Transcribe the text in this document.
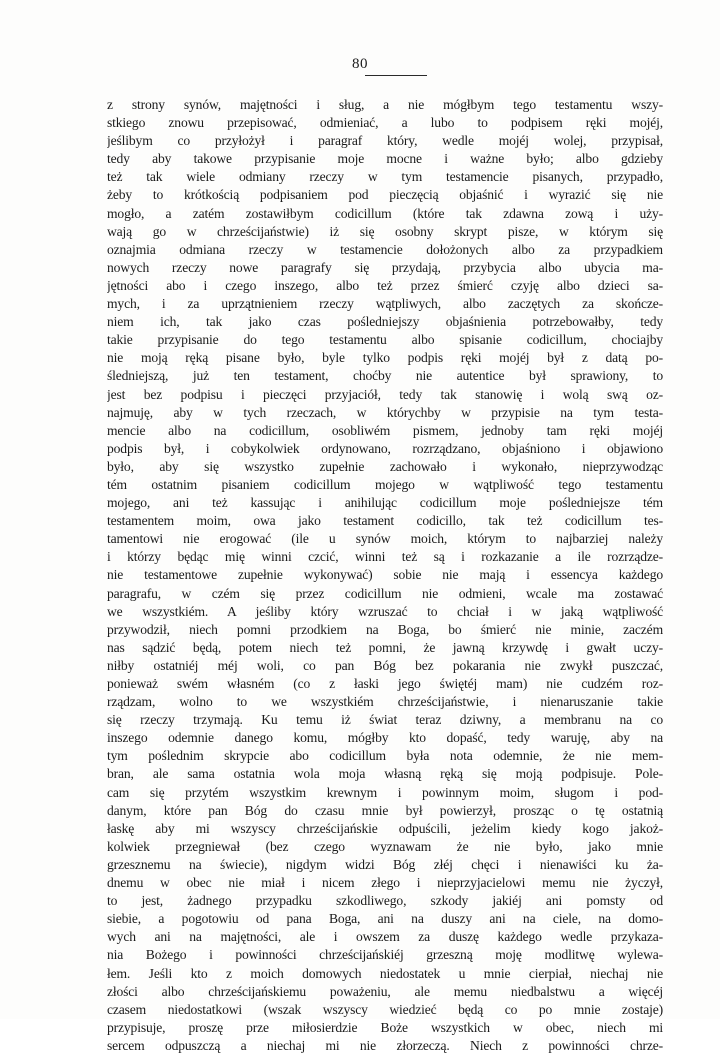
80
z strony synów, majętności i sług, a nie mógłbym tego testamentu wszy-
stkiego znowu przepisować, odmieniać, a lubo to podpisem ręki mojéj,
jeślibym co przyłożył i paragraf który, wedle mojéj wolej, przypisał,
tedy aby takowe przypisanie moje mocne i ważne było; albo gdzieby
też tak wiele odmiany rzeczy w tym testamencie pisanych, przypadło,
żeby to krótkością podpisaniem pod pieczęcią objaśnić i wyrazić się nie
mogło, a zatém zostawiłbym codicillum (które tak zdawna zową i uży-
wają go w chrześcijaństwie) iż się osobny skrypt pisze, w którym się
oznajmia odmiana rzeczy w testamencie dołożonych albo za przypadkiem
nowych rzeczy nowe paragrafy się przydają, przybycia albo ubycia ma-
jętności abo i czego inszego, albo też przez śmierć czyję albo dzieci sa-
mych, i za uprzątnieniem rzeczy wątpliwych, albo zaczętych za skończe-
niem ich, tak jako czas pośledniejszy objaśnienia potrzebowałby, tedy
takie przypisanie do tego testamentu albo spisanie codicillum, chociajby
nie moją ręką pisane było, byle tylko podpis ręki mojéj był z datą po-
śledniejszą, już ten testament, choćby nie autentice był sprawiony, to
jest bez podpisu i pieczęci przyjaciół, tedy tak stanowię i wolą swą oz-
najmuję, aby w tych rzeczach, w którychby w przypisie na tym testa-
mencie albo na codicillum, osobliwém pismem, jednoby tam ręki mojéj
podpis był, i cobykolwiek ordynowano, rozrządzano, objaśniono i objawiono
było, aby się wszystko zupełnie zachowało i wykonało, nieprzywodząc
tém ostatnim pisaniem codicillum mojego w wątpliwość tego testamentu
mojego, ani też kassując i anihilując codicillum moje pośledniejsze tém
testamentem moim, owa jako testament codicillo, tak też codicillum tes-
tamentowi nie erogować (ile u synów moich, którym to najbarziej należy
i którzy będąc mię winni czcić, winni też są i rozkazanie a ile rozrządze-
nie testamentowe zupełnie wykonywać) sobie nie mają i essencya każdego
paragrafu, w czém się przez codicillum nie odmieni, wcale ma zostawać
we wszystkiém. A jeśliby który wzruszać to chciał i w jaką wątpliwość
przywodził, niech pomni przodkiem na Boga, bo śmierć nie minie, zaczém
nas sądzić będą, potem niech też pomni, że jawną krzywdę i gwałt uczy-
niłby ostatniéj méj woli, co pan Bóg bez pokarania nie zwykł puszczać,
ponieważ swém własném (co z łaski jego świętéj mam) nie cudzém roz-
rządzam, wolno to we wszystkiém chrześcijaństwie, i nienaruszanie takie
się rzeczy trzymają. Ku temu iż świat teraz dziwny, a membranu na co
inszego odemnie danego komu, mógłby kto dopaść, tedy waruję, aby na
tym poślednim skrypcie abo codicillum była nota odemnie, że nie mem-
bran, ale sama ostatnia wola moja własną ręką się moją podpisuje. Pole-
cam się przytém wszystkim krewnym i powinnym moim, sługom i pod-
danym, które pan Bóg do czasu mnie był powierzył, prosząc o tę ostatnią
łaskę aby mi wszyscy chrześcijańskie odpuścili, jeżelim kiedy kogo jakoż-
kolwiek przegniewał (bez czego wyznawam że nie było, jako mnie
grzesznemu na świecie), nigdym widzi Bóg złéj chęci i nienawiści ku ża-
dnemu w obec nie miał i nicem złego i nieprzyjacielowi memu nie życzył,
to jest, żadnego przypadku szkodliwego, szkody jakiéj ani pomsty od
siebie, a pogotowiu od pana Boga, ani na duszy ani na ciele, na domo-
wych ani na majętności, ale i owszem za duszę każdego wedle przykaza-
nia Bożego i powinności chrześcijańskiéj grzeszną moję modlitwę wylewa-
łem. Jeśli kto z moich domowych niedostatek u mnie cierpiał, niechaj nie
złości albo chrześcijańskiemu poważeniu, ale memu niedbalstwu a więcéj
czasem niedostatkowi (wszak wszyscy wiedzieć będą co po mnie zostaje)
przypisuje, proszę prze miłosierdzie Boże wszystkich w obec, niech mi
sercem odpuszczą a niechaj mi nie złorzeczą. Niech z powinności chrze-
